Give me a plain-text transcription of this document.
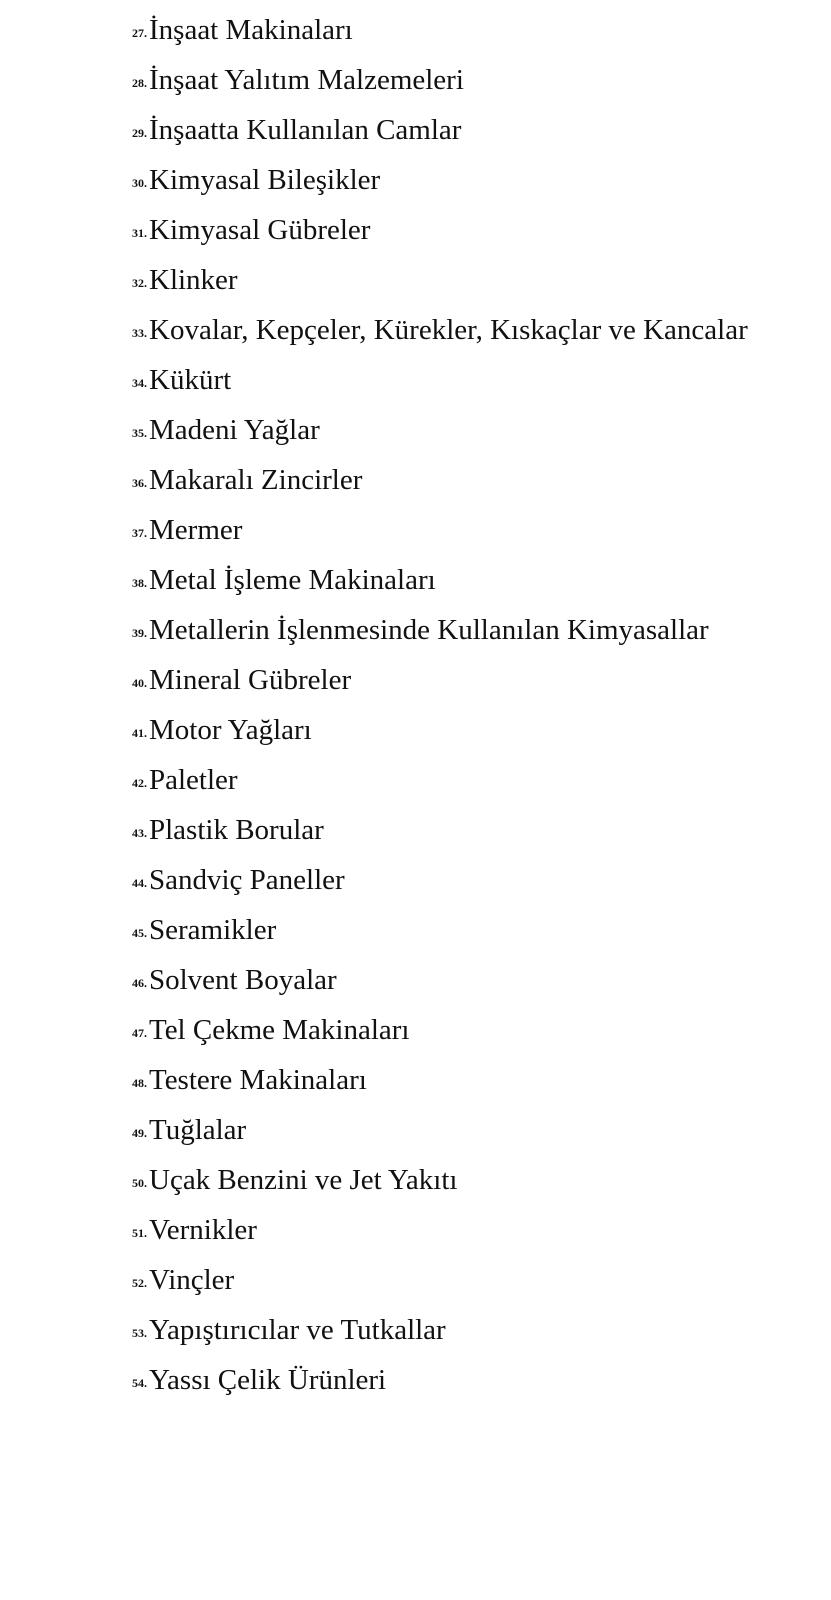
27. İnşaat Makinaları
28. İnşaat Yalıtım Malzemeleri
29. İnşaatta Kullanılan Camlar
30. Kimyasal Bileşikler
31. Kimyasal Gübreler
32. Klinker
33. Kovalar, Kepçeler, Kürekler, Kıskaçlar ve Kancalar
34. Kükürt
35. Madeni Yağlar
36. Makaralı Zincirler
37. Mermer
38. Metal İşleme Makinaları
39. Metallerin İşlenmesinde Kullanılan Kimyasallar
40. Mineral Gübreler
41. Motor Yağları
42. Paletler
43. Plastik Borular
44. Sandviç Paneller
45. Seramikler
46. Solvent Boyalar
47. Tel Çekme Makinaları
48. Testere Makinaları
49. Tuğlalar
50. Uçak Benzini ve Jet Yakıtı
51. Vernikler
52. Vinçler
53. Yapıştırıcılar ve Tutkallar
54. Yassı Çelik Ürünleri
